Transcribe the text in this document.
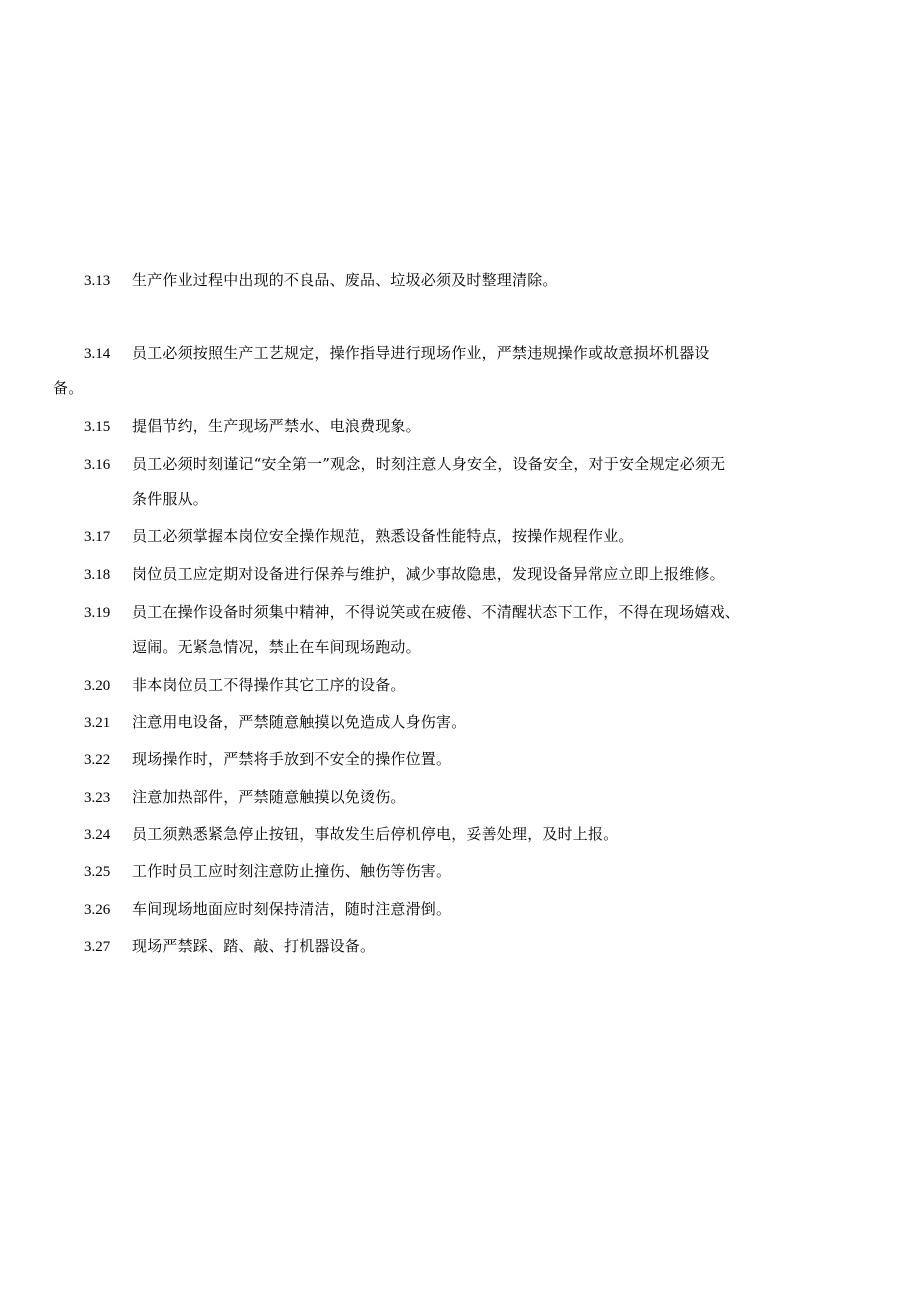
3.13 生产作业过程中出现的不良品、废品、垃圾必须及时整理清除。
3.14 员工必须按照生产工艺规定，操作指导进行现场作业，严禁违规操作或故意损坏机器设
备。
3.15 提倡节约，生产现场严禁水、电浪费现象。
3.16 员工必须时刻谨记“安全第一”观念，时刻注意人身安全，设备安全，对于安全规定必须无
条件服从。
3.17 员工必须掌握本岗位安全操作规范，熟悉设备性能特点，按操作规程作业。
3.18 岗位员工应定期对设备进行保养与维护，减少事故隐患，发现设备异常应立即上报维修。
3.19 员工在操作设备时须集中精神，不得说笑或在疲倦、不清醒状态下工作，不得在现场嬉戏、
逗闹。无紧急情况，禁止在车间现场跑动。
3.20 非本岗位员工不得操作其它工序的设备。
3.21 注意用电设备，严禁随意触摸以免造成人身伤害。
3.22 现场操作时，严禁将手放到不安全的操作位置。
3.23 注意加热部件，严禁随意触摸以免烫伤。
3.24 员工须熟悉紧急停止按钮，事故发生后停机停电，妥善处理，及时上报。
3.25 工作时员工应时刻注意防止撞伤、触伤等伤害。
3.26 车间现场地面应时刻保持清洁，随时注意滑倒。
3.27 现场严禁踩、踏、敲、打机器设备。
